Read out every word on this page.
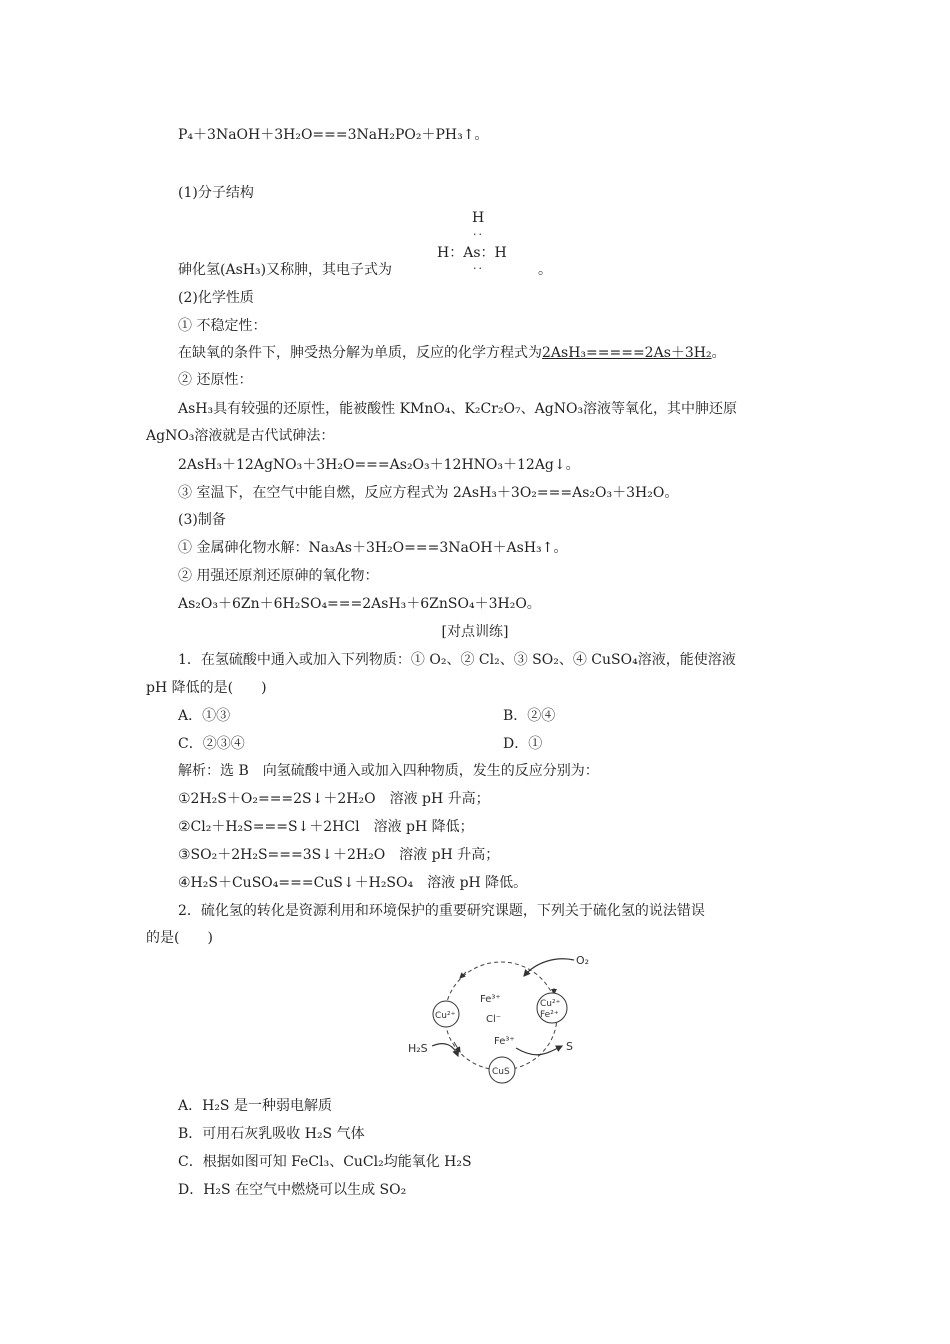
P₄＋3NaOH＋3H₂O===3NaH₂PO₂＋PH₃↑。
(1)分子结构
H
··
H：As：H
··
砷化氢(AsH₃)又称胂，其电子式为	。
(2)化学性质
① 不稳定性：
在缺氧的条件下，胂受热分解为单质，反应的化学方程式为2AsH₃=====2As＋3H₂。
② 还原性：
AsH₃具有较强的还原性，能被酸性 KMnO₄、K₂Cr₂O₇、AgNO₃溶液等氧化，其中胂还原
AgNO₃溶液就是古代试砷法：
2AsH₃＋12AgNO₃＋3H₂O===As₂O₃＋12HNO₃＋12Ag↓。
③ 室温下，在空气中能自燃，反应方程式为 2AsH₃＋3O₂===As₂O₃＋3H₂O。
(3)制备
① 金属砷化物水解：Na₃As＋3H₂O===3NaOH＋AsH₃↑。
② 用强还原剂还原砷的氧化物：
As₂O₃＋6Zn＋6H₂SO₄===2AsH₃＋6ZnSO₄＋3H₂O。
[对点训练]
1．在氢硫酸中通入或加入下列物质：① O₂、② Cl₂、③ SO₂、④ CuSO₄溶液，能使溶液
pH 降低的是(　　)
A．①③	B．②④
C．②③④	D．①
解析：选 B　向氢硫酸中通入或加入四种物质，发生的反应分别为：
①2H₂S＋O₂===2S↓＋2H₂O　溶液 pH 升高；
②Cl₂＋H₂S===S↓＋2HCl　溶液 pH 降低；
③SO₂＋2H₂S===3S↓＋2H₂O　溶液 pH 升高；
④H₂S＋CuSO₄===CuS↓＋H₂SO₄　溶液 pH 降低。
2．硫化氢的转化是资源利用和环境保护的重要研究课题，下列关于硫化氢的说法错误
的是(　　)
O₂
Cu²⁺
Fe³⁺
Cl⁻
Cu²⁺
Fe²⁺
H₂S
CuS
Fe³⁺	S
A．H₂S 是一种弱电解质
B．可用石灰乳吸收 H₂S 气体
C．根据如图可知 FeCl₃、CuCl₂均能氧化 H₂S
D．H₂S 在空气中燃烧可以生成 SO₂
